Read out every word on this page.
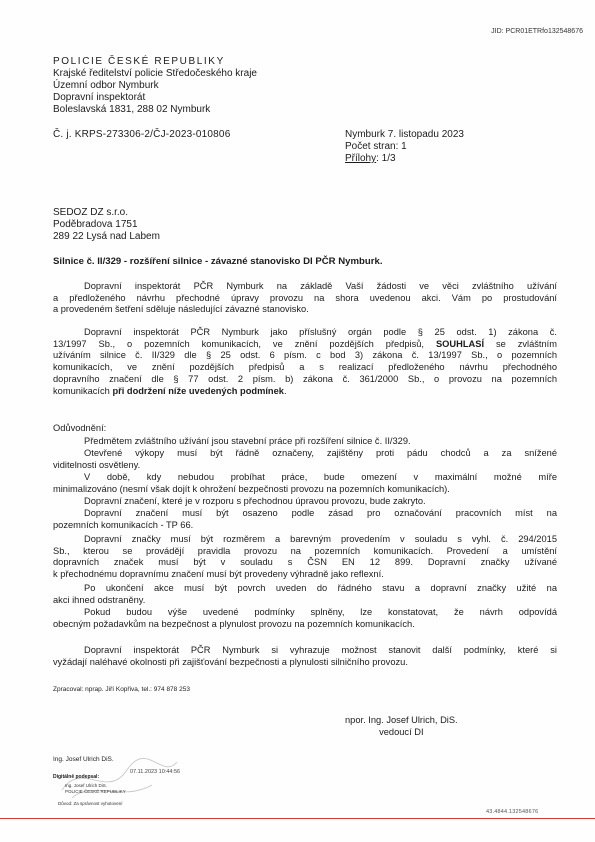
JID: PCR01ETRfo132548676
POLICIE ČESKÉ REPUBLIKY
Krajské ředitelství policie Středočeského kraje
Územní odbor Nymburk
Dopravní inspektorát
Boleslavská 1831, 288 02 Nymburk
Č. j. KRPS-273306-2/ČJ-2023-010806	Nymburk 7. listopadu 2023
Počet stran: 1
Přílohy: 1/3
SEDOZ DZ s.r.o.
Poděbradova 1751
289 22 Lysá nad Labem
Silnice č. II/329 - rozšíření silnice - závazné stanovisko DI PČR Nymburk.
Dopravní inspektorát PČR Nymburk na základě Vaší žádosti ve věci zvláštního užívání
a předloženého návrhu přechodné úpravy provozu na shora uvedenou akci. Vám po prostudování
a provedeném šetření sděluje následující závazné stanovisko.
Dopravní inspektorát PČR Nymburk jako příslušný orgán podle § 25 odst. 1) zákona č.
13/1997 Sb., o pozemních komunikacích, ve znění pozdějších předpisů, SOUHLASÍ se zvláštním
užíváním silnice č. II/329 dle § 25 odst. 6 písm. c bod 3) zákona č. 13/1997 Sb., o pozemních
komunikacích, ve znění pozdějších předpisů a s realizací předloženého návrhu přechodného
dopravního značení dle § 77 odst. 2 písm. b) zákona č. 361/2000 Sb., o provozu na pozemních
komunikacích při dodržení níže uvedených podmínek.
Odůvodnění:
Předmětem zvláštního užívání jsou stavební práce při rozšíření silnice č. II/329.
Otevřené výkopy musí být řádně označeny, zajištěny proti pádu chodců a za snížené
viditelnosti osvětleny.
V době, kdy nebudou probíhat práce, bude omezení v maximální možné míře
minimalizováno (nesmí však dojít k ohrožení bezpečnosti provozu na pozemních komunikacích).
Dopravní značení, které je v rozporu s přechodnou úpravou provozu, bude zakryto.
Dopravní značení musí být osazeno podle zásad pro označování pracovních míst na
pozemních komunikacích - TP 66.
Dopravní značky musí být rozměrem a barevným provedením v souladu s vyhl. č. 294/2015
Sb., kterou se provádějí pravidla provozu na pozemních komunikacích. Provedení a umístění
dopravních značek musí být v souladu s ČSN EN 12 899. Dopravní značky užívané
k přechodnému dopravnímu značení musí být provedeny výhradně jako reflexní.
Po ukončení akce musí být povrch uveden do řádného stavu a dopravní značky užité na
akci ihned odstraněny.
Pokud budou výše uvedené podmínky splněny, lze konstatovat, že návrh odpovídá
obecným požadavkům na bezpečnost a plynulost provozu na pozemních komunikacích.
Dopravní inspektorát PČR Nymburk si vyhrazuje možnost stanovit další podmínky, které si
vyžádají naléhavé okolnosti při zajišťování bezpečnosti a plynulosti silničního provozu.
Zpracoval: nprap. Jiří Kopřiva, tel.: 974 878 253
npor. Ing. Josef Ulrich, DiS.
vedoucí DI
Ing. Josef Ulrich DiS.
07.11.2023 10:44:56
Digitálně podepsal:
Ing. Josef Ulrich DiS.
POLICIE ČESKÉ REPUBLIKY
Důvod: Za správnost vyhotovení
43.4844.132548676
